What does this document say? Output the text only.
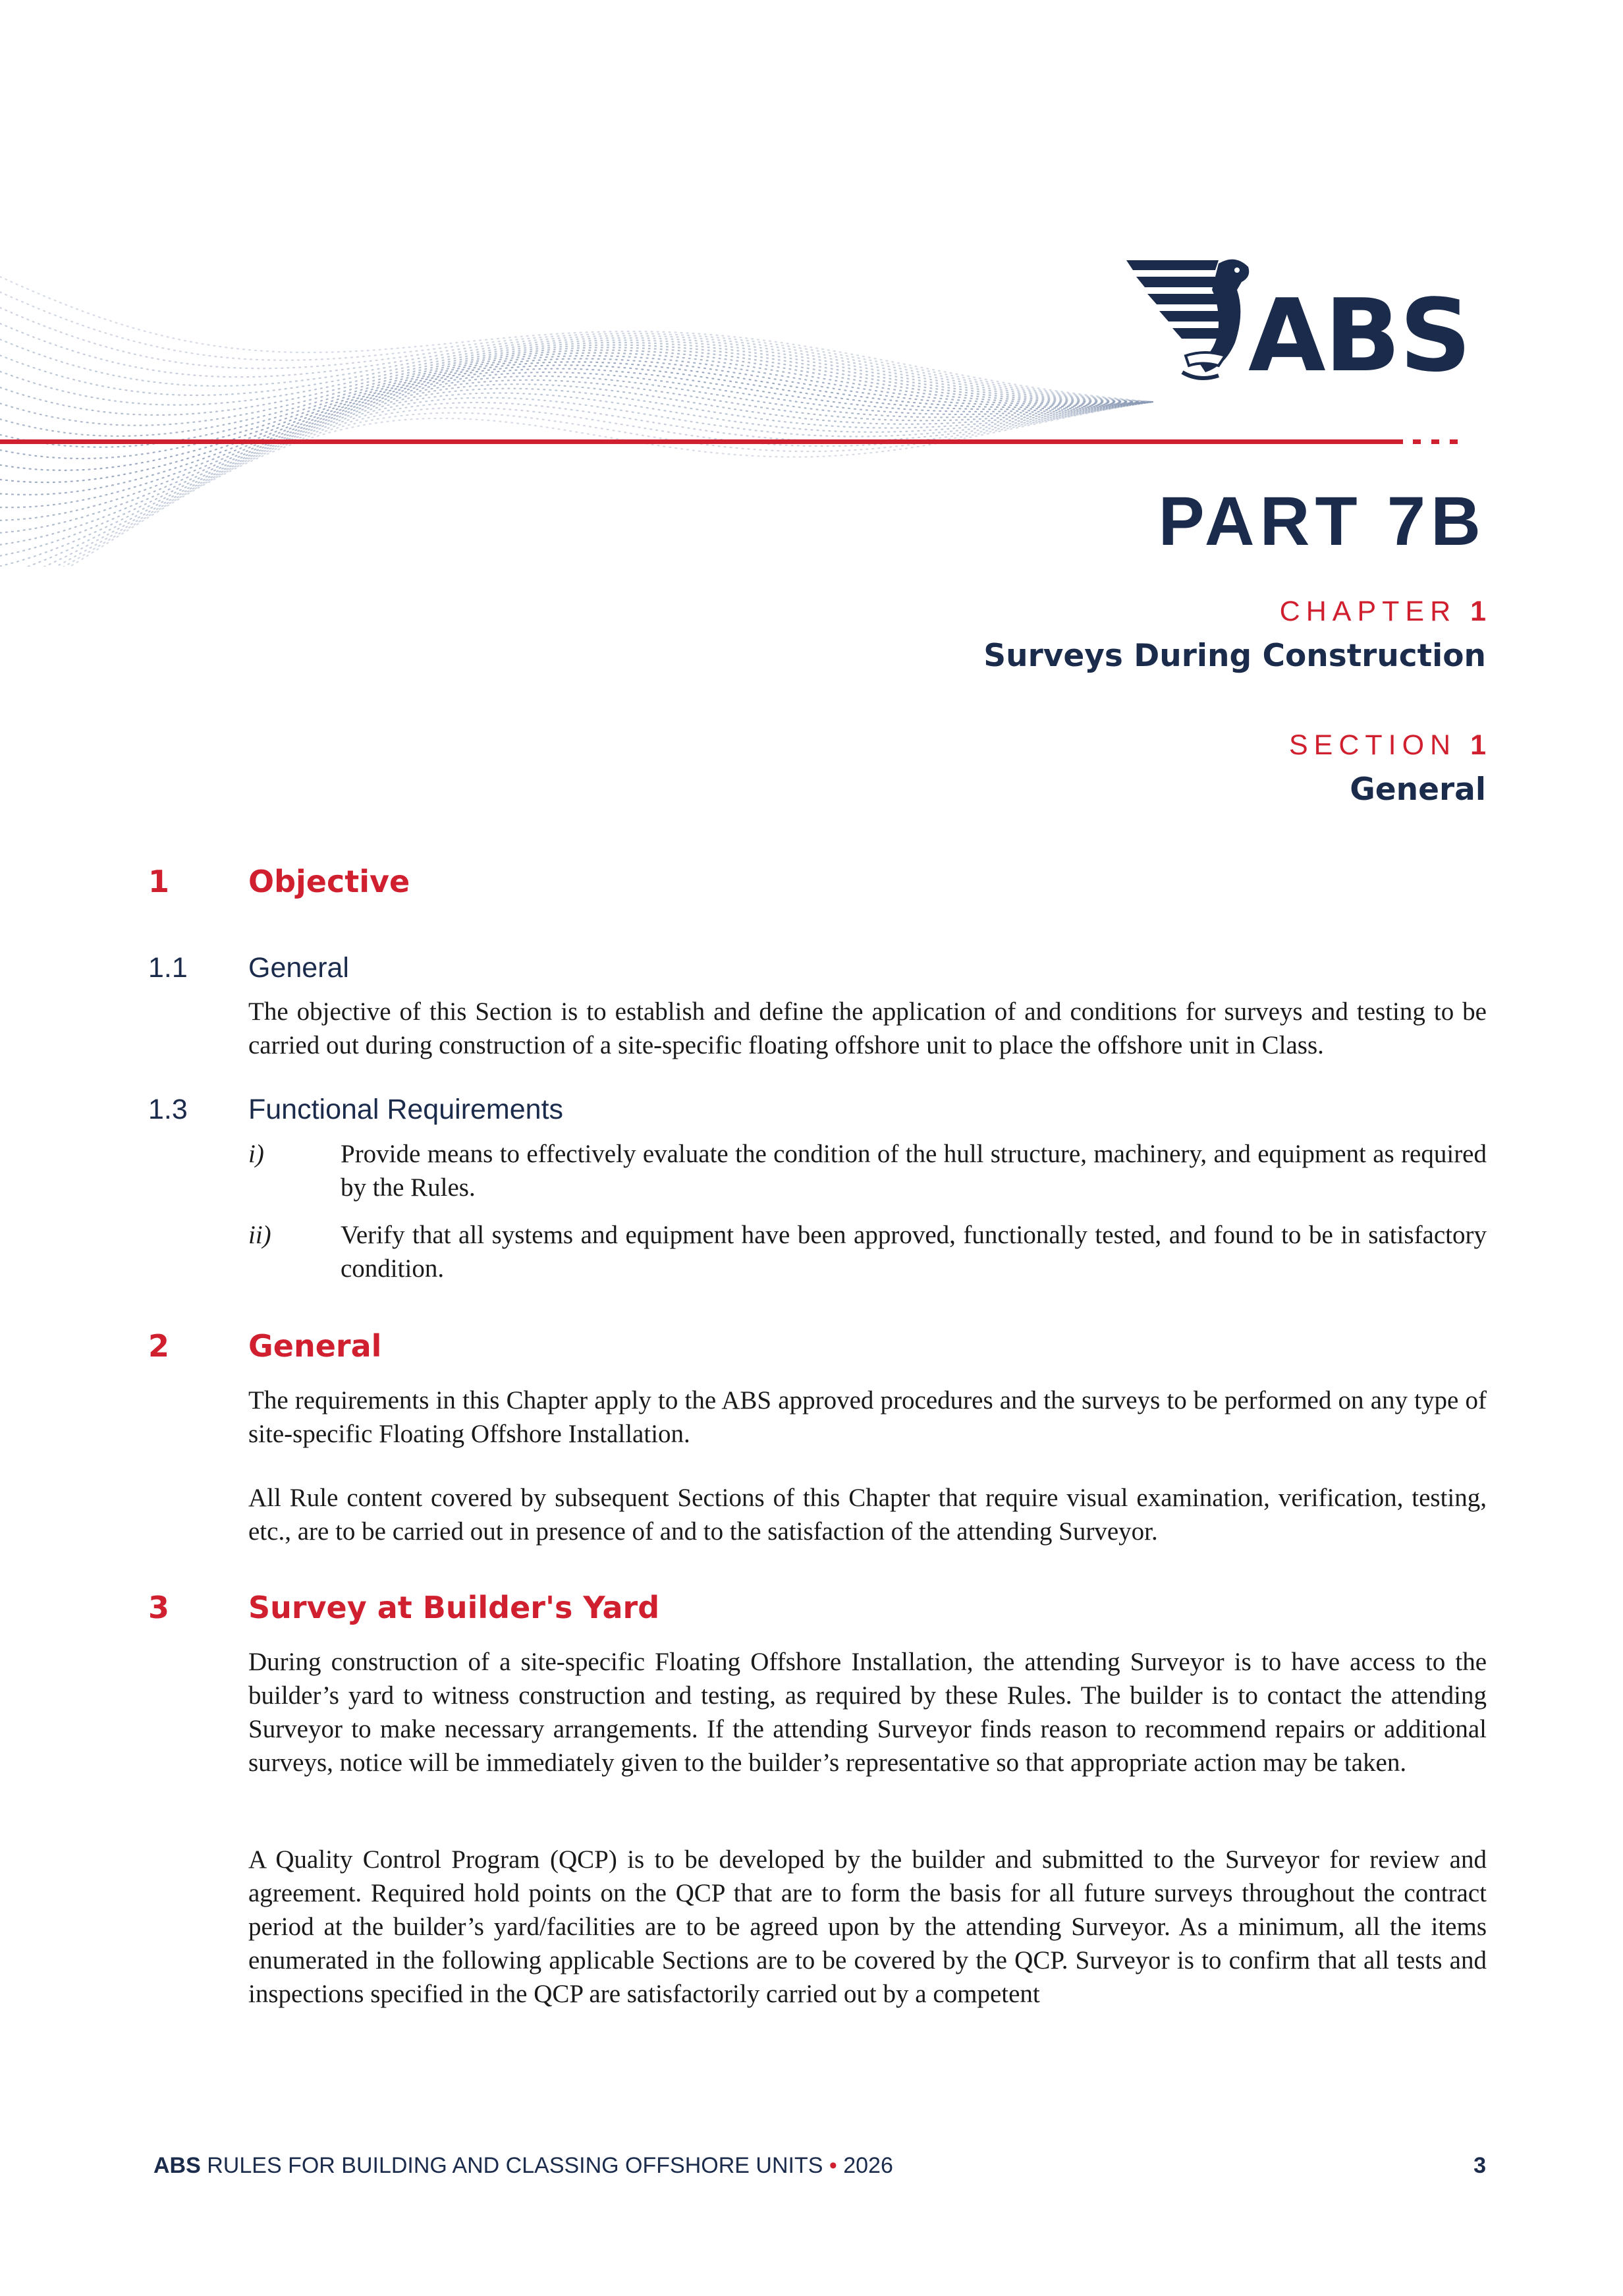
ABS
PART 7B
CHAPTER 1
Surveys During Construction
SECTION 1
General
1	Objective
1.1 General
The objective of this Section is to establish and define the application of and conditions for surveys and testing to be carried out during construction of a site-specific floating offshore unit to place the offshore unit in Class.
1.3 Functional Requirements
i)	Provide means to effectively evaluate the condition of the hull structure, machinery, and equipment as required by the Rules.
ii)	Verify that all systems and equipment have been approved, functionally tested, and found to be in satisfactory condition.
2	General
The requirements in this Chapter apply to the ABS approved procedures and the surveys to be performed on any type of site-specific Floating Offshore Installation.
All Rule content covered by subsequent Sections of this Chapter that require visual examination, verification, testing, etc., are to be carried out in presence of and to the satisfaction of the attending Surveyor.
3	Survey at Builder's Yard
During construction of a site-specific Floating Offshore Installation, the attending Surveyor is to have access to the builder’s yard to witness construction and testing, as required by these Rules. The builder is to contact the attending Surveyor to make necessary arrangements. If the attending Surveyor finds reason to recommend repairs or additional surveys, notice will be immediately given to the builder’s representative so that appropriate action may be taken.
A Quality Control Program (QCP) is to be developed by the builder and submitted to the Surveyor for review and agreement. Required hold points on the QCP that are to form the basis for all future surveys throughout the contract period at the builder’s yard/facilities are to be agreed upon by the attending Surveyor. As a minimum, all the items enumerated in the following applicable Sections are to be covered by the QCP. Surveyor is to confirm that all tests and inspections specified in the QCP are satisfactorily carried out by a competent
ABS RULES FOR BUILDING AND CLASSING OFFSHORE UNITS • 2026	3
